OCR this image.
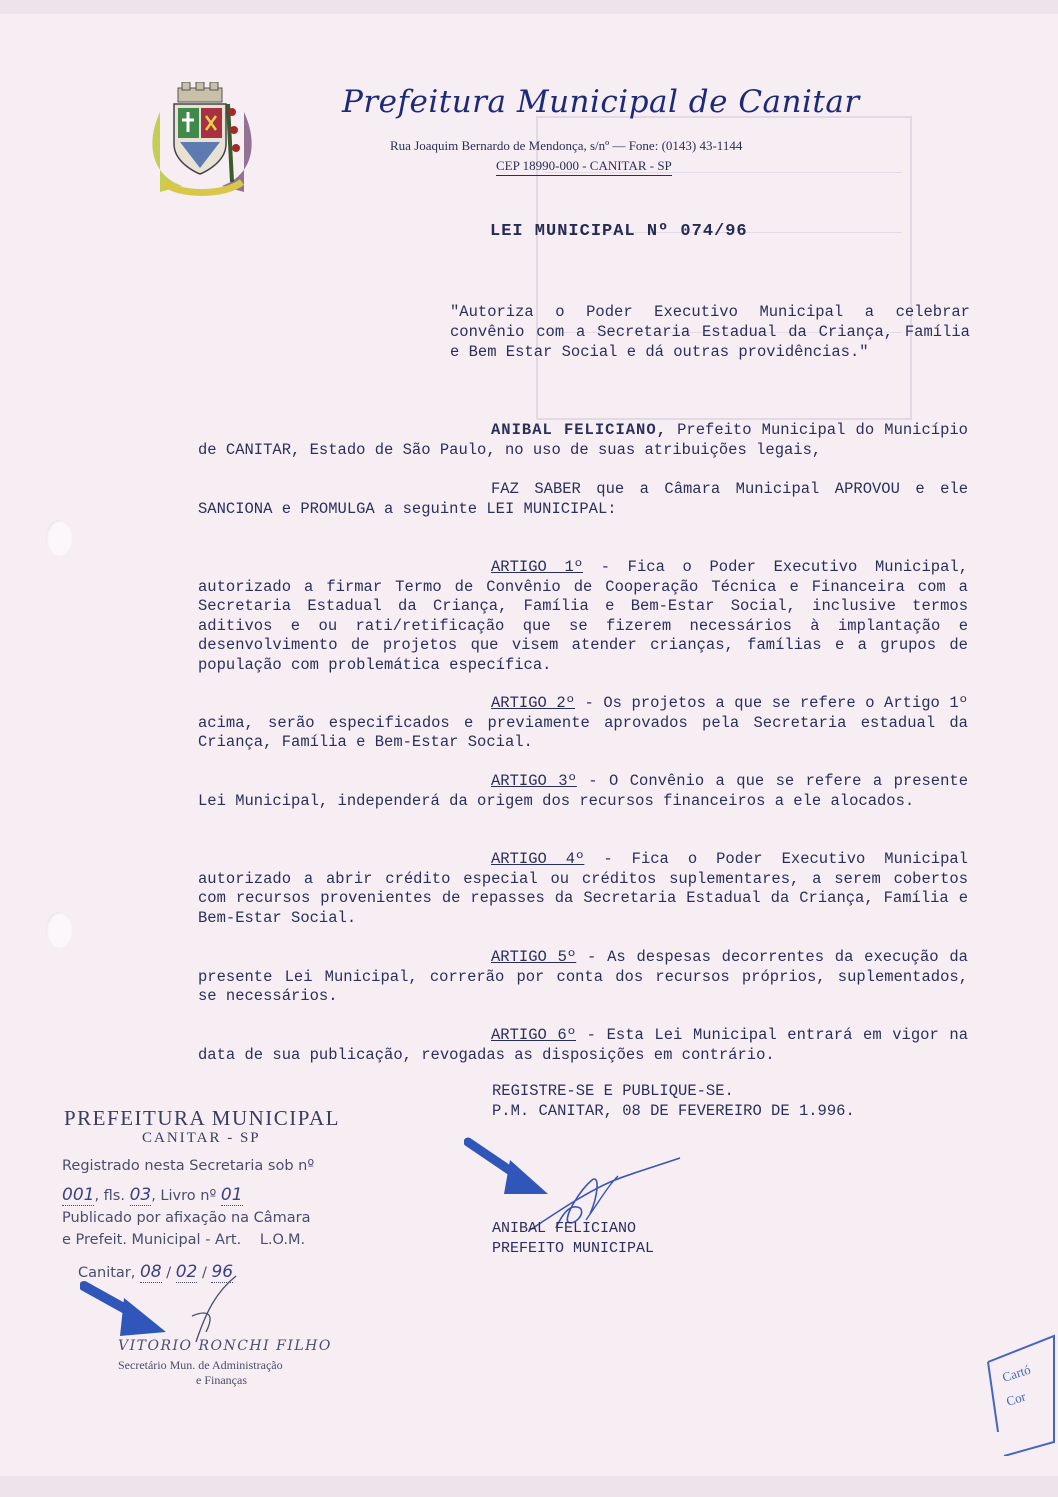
Prefeitura Municipal de Canitar
Rua Joaquim Bernardo de Mendonça, s/nº — Fone: (0143) 43-1144
CEP 18990-000 - CANITAR - SP
LEI MUNICIPAL Nº 074/96
"Autoriza o Poder Executivo Municipal a celebrar convênio com a Secretaria Estadual da Criança, Família e Bem Estar Social e dá outras providências."
ANIBAL FELICIANO, Prefeito Municipal do Município de CANITAR, Estado de São Paulo, no uso de suas atribuições legais,
FAZ SABER que a Câmara Municipal APROVOU e ele SANCIONA e PROMULGA a seguinte LEI MUNICIPAL:
ARTIGO 1º - Fica o Poder Executivo Municipal, autorizado a firmar Termo de Convênio de Cooperação Técnica e Financeira com a Secretaria Estadual da Criança, Família e Bem-Estar Social, inclusive termos aditivos e ou rati/retificação que se fizerem necessários à implantação e desenvolvimento de projetos que visem atender crianças, famílias e a grupos de população com problemática específica.
ARTIGO 2º - Os projetos a que se refere o Artigo 1º acima, serão especificados e previamente aprovados pela Secretaria estadual da Criança, Família e Bem-Estar Social.
ARTIGO 3º - O Convênio a que se refere a presente Lei Municipal, independerá da origem dos recursos financeiros a ele alocados.
ARTIGO 4º - Fica o Poder Executivo Municipal autorizado a abrir crédito especial ou créditos suplementares, a serem cobertos com recursos provenientes de repasses da Secretaria Estadual da Criança, Família e Bem-Estar Social.
ARTIGO 5º - As despesas decorrentes da execução da presente Lei Municipal, correrão por conta dos recursos próprios, suplementados, se necessários.
ARTIGO 6º - Esta Lei Municipal entrará em vigor na data de sua publicação, revogadas as disposições em contrário.
REGISTRE-SE E PUBLIQUE-SE.
P.M. CANITAR, 08 DE FEVEREIRO DE 1.996.
ANIBAL FELICIANO
PREFEITO MUNICIPAL
PREFEITURA MUNICIPAL
CANITAR - SP
Registrado nesta Secretaria sob nº
001, fls. 03, Livro nº 01
Publicado por afixação na Câmara
e Prefeit. Municipal - Art. L.O.M.
Canitar, 08 / 02 / 96
VITORIO RONCHI FILHO
Secretário Mun. de Administração
e Finanças	Cartó
Cor
